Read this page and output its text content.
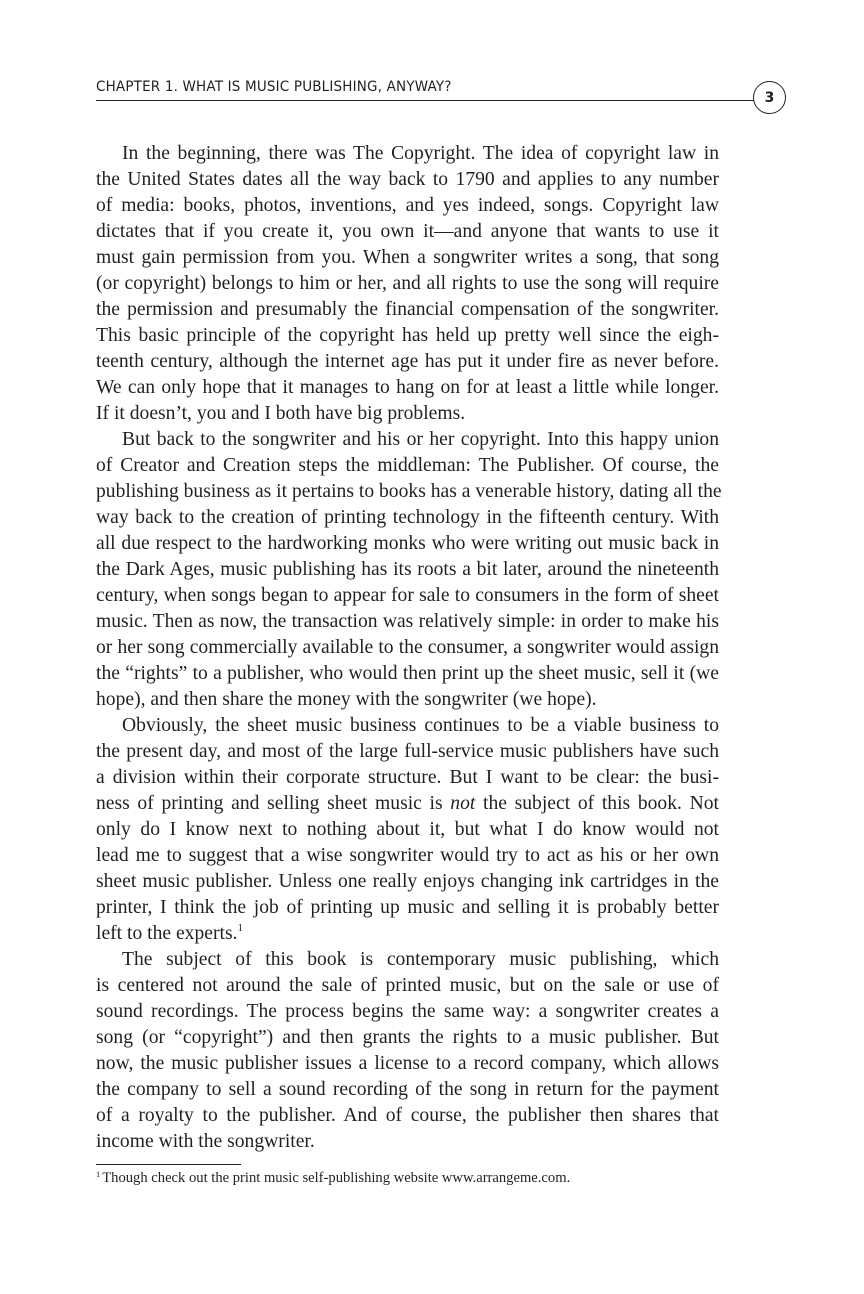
CHAPTER 1. WHAT IS MUSIC PUBLISHING, ANYWAY?
3
In the beginning, there was The Copyright. The idea of copyright law in
the United States dates all the way back to 1790 and applies to any number
of media: books, photos, inventions, and yes indeed, songs. Copyright law
dictates that if you create it, you own it—and anyone that wants to use it
must gain permission from you. When a songwriter writes a song, that song
(or copyright) belongs to him or her, and all rights to use the song will require
the permission and presumably the financial compensation of the songwriter.
This basic principle of the copyright has held up pretty well since the eigh-
teenth century, although the internet age has put it under fire as never before.
We can only hope that it manages to hang on for at least a little while longer.
If it doesn’t, you and I both have big problems.
But back to the songwriter and his or her copyright. Into this happy union
of Creator and Creation steps the middleman: The Publisher. Of course, the
publishing business as it pertains to books has a venerable history, dating all the
way back to the creation of printing technology in the fifteenth century. With
all due respect to the hardworking monks who were writing out music back in
the Dark Ages, music publishing has its roots a bit later, around the nineteenth
century, when songs began to appear for sale to consumers in the form of sheet
music. Then as now, the transaction was relatively simple: in order to make his
or her song commercially available to the consumer, a songwriter would assign
the “rights” to a publisher, who would then print up the sheet music, sell it (we
hope), and then share the money with the songwriter (we hope).
Obviously, the sheet music business continues to be a viable business to
the present day, and most of the large full-service music publishers have such
a division within their corporate structure. But I want to be clear: the busi-
ness of printing and selling sheet music is not the subject of this book. Not
only do I know next to nothing about it, but what I do know would not
lead me to suggest that a wise songwriter would try to act as his or her own
sheet music publisher. Unless one really enjoys changing ink cartridges in the
printer, I think the job of printing up music and selling it is probably better
left to the experts.$^1$
The subject of this book is contemporary music publishing, which
is centered not around the sale of printed music, but on the sale or use of
sound recordings. The process begins the same way: a songwriter creates a
song (or “copyright”) and then grants the rights to a music publisher. But
now, the music publisher issues a license to a record company, which allows
the company to sell a sound recording of the song in return for the payment
of a royalty to the publisher. And of course, the publisher then shares that
income with the songwriter.
$^1$ Though check out the print music self-publishing website www.arrangeme.com.
